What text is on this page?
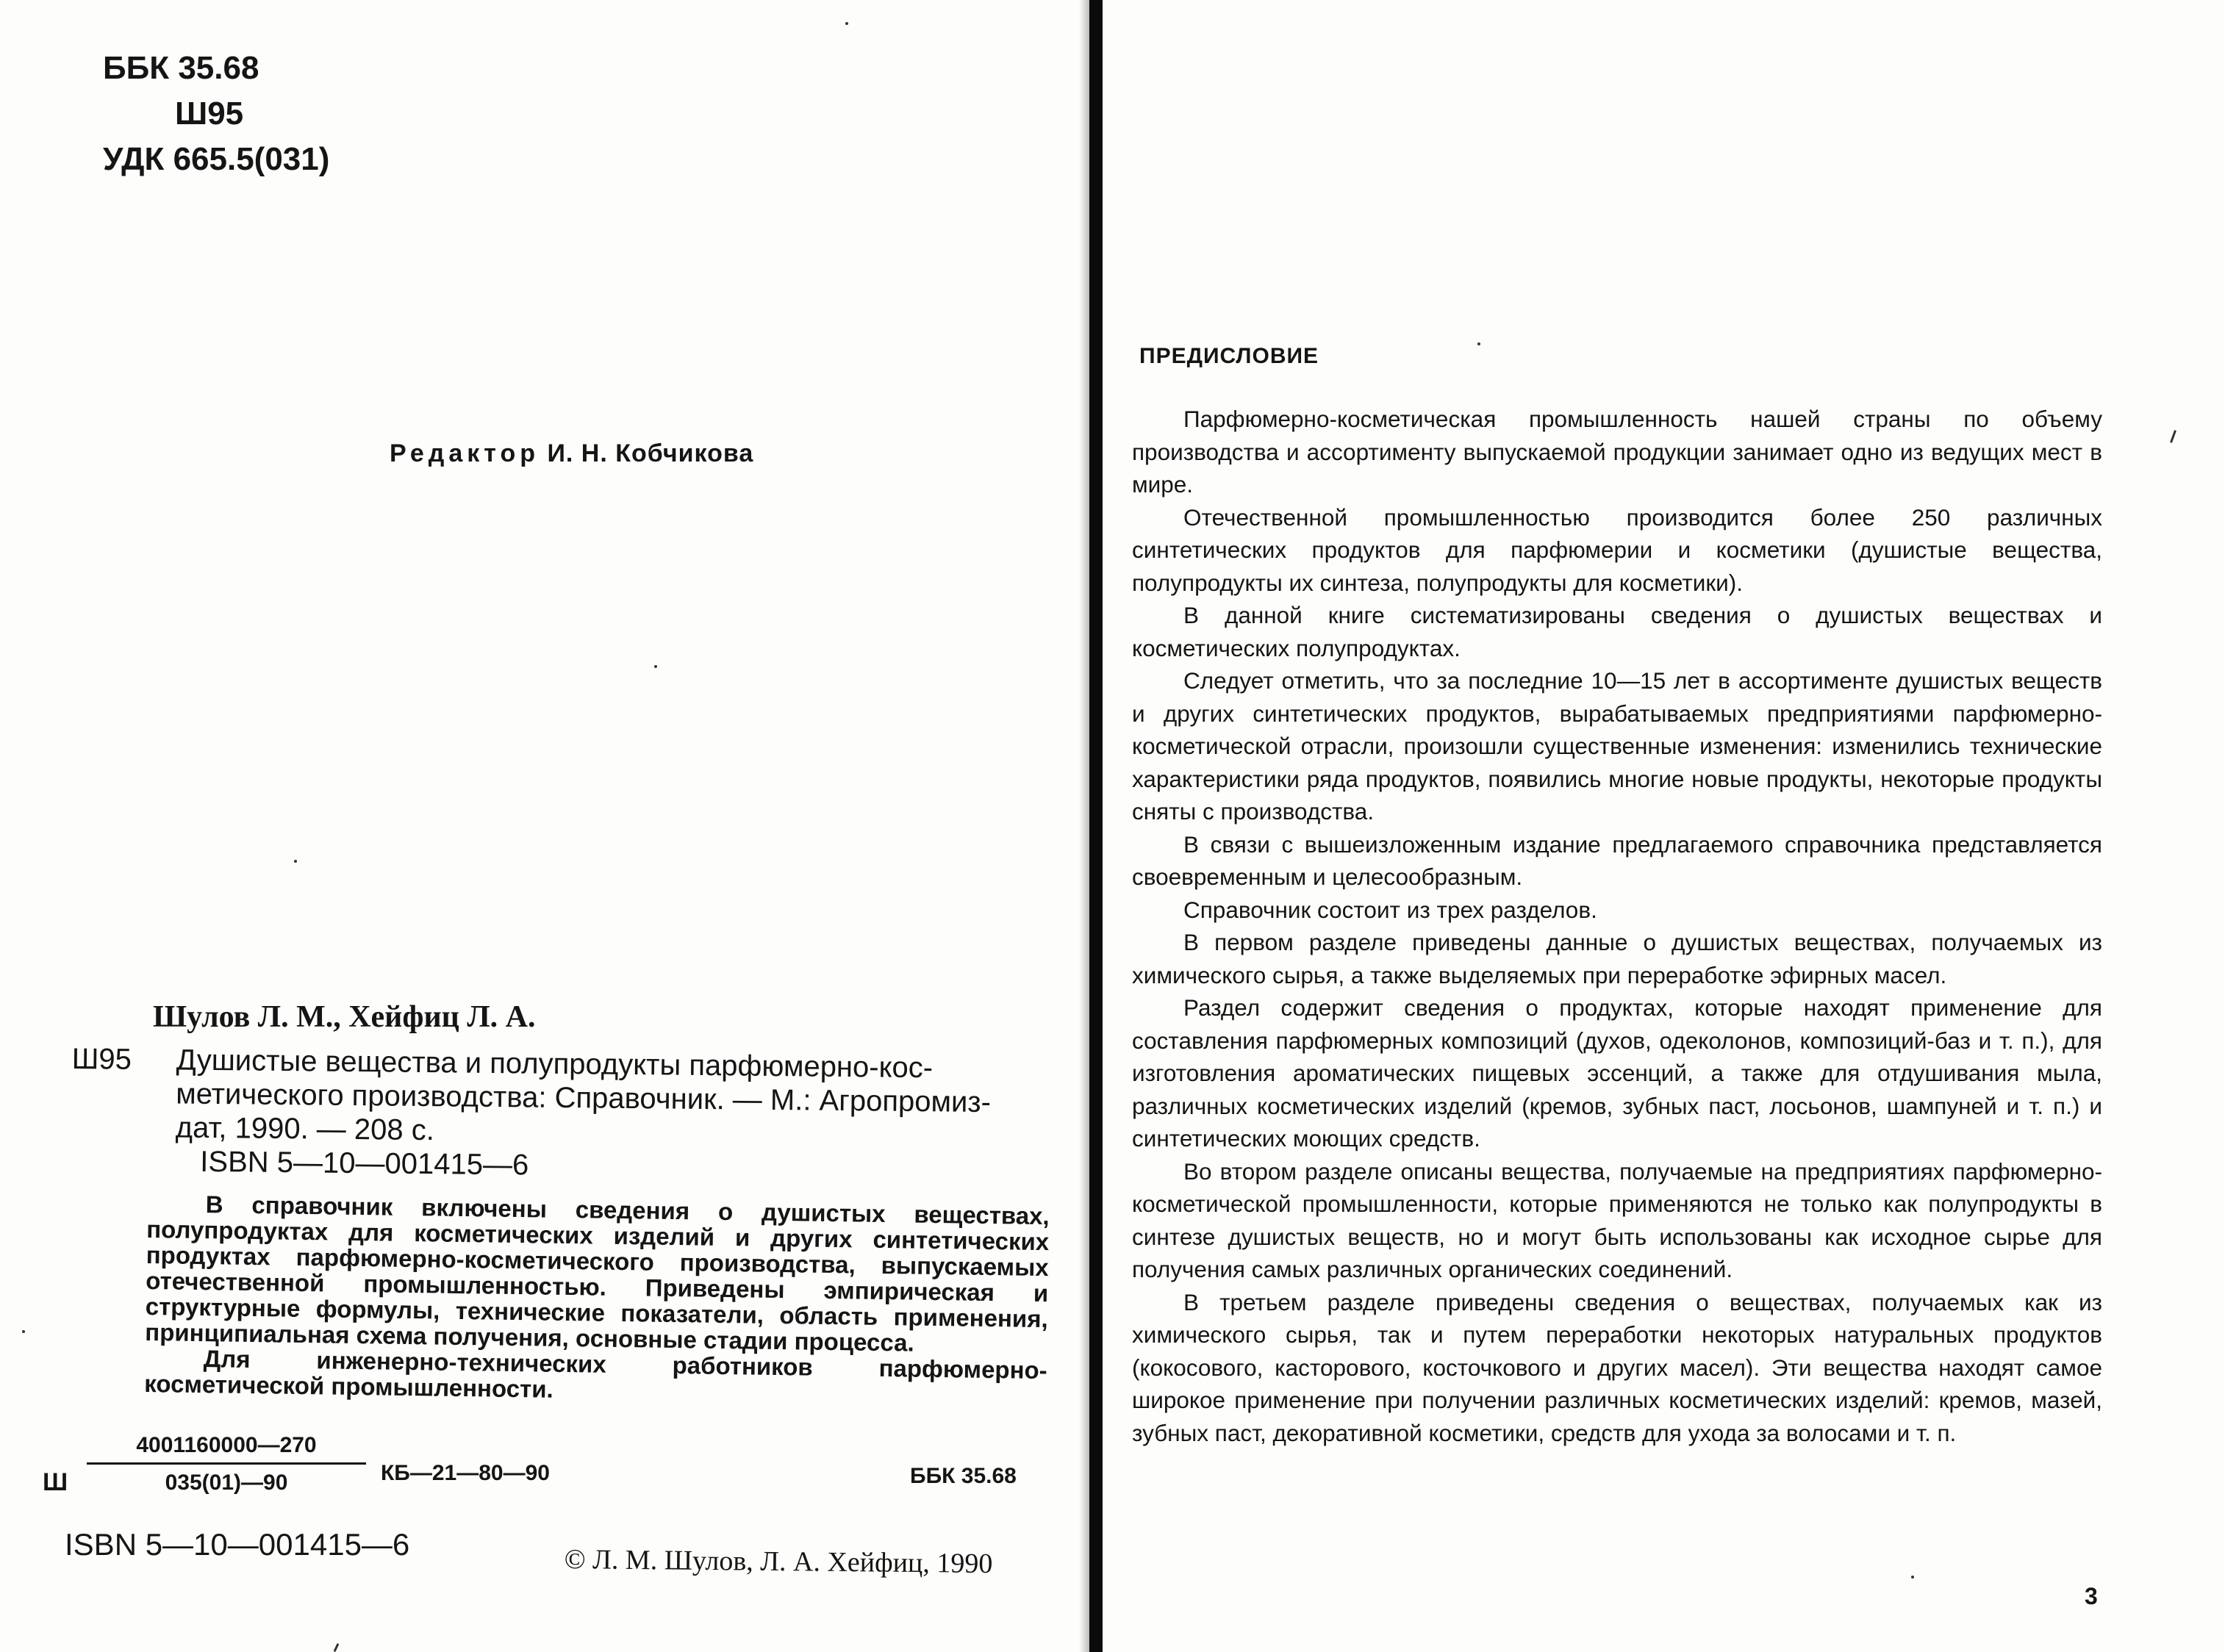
ББК 35.68
Ш95
УДК 665.5(031)
Редактор И. Н. Кобчикова
Шулов Л. М., Хейфиц Л. А.
Ш95 Душистые вещества и полупродукты парфюмерно-кос-
метического производства: Справочник. — М.: Агропромиз-
дат, 1990. — 208 с.
ISBN 5—10—001415—6

В справочник включены сведения о душистых веществах, полупродуктах для косметических изделий и других синтетических продуктах парфюмерно-косметического производства, выпускаемых отечественной промышленностью. Приведены эмпирическая и структурные формулы, технические показатели, область применения, принципиальная схема получения, основные стадии процесса.

Для инженерно-технических работников парфюмерно-косметической промышленности.

Ш $\frac{4001160000—270}{035(01)—90}$ КБ—21—80—90	ББК 35.68
ISBN 5—10—001415—6	© Л. М. Шулов, Л. А. Хейфиц, 1990
ПРЕДИСЛОВИЕ

Парфюмерно-косметическая промышленность нашей страны по объему производства и ассортименту выпускаемой продукции занимает одно из ведущих мест в мире.

Отечественной промышленностью производится более 250 различных синтетических продуктов для парфюмерии и косметики (душистые вещества, полупродукты их синтеза, полупродукты для косметики).

В данной книге систематизированы сведения о душистых веществах и косметических полупродуктах.

Следует отметить, что за последние 10—15 лет в ассортименте душистых веществ и других синтетических продуктов, вырабатываемых предприятиями парфюмерно-косметической отрасли, произошли существенные изменения: изменились технические характеристики ряда продуктов, появились многие новые продукты, некоторые продукты сняты с производства.

В связи с вышеизложенным издание предлагаемого справочника представляется своевременным и целесообразным.

Справочник состоит из трех разделов.

В первом разделе приведены данные о душистых веществах, получаемых из химического сырья, а также выделяемых при переработке эфирных масел.

Раздел содержит сведения о продуктах, которые находят применение для составления парфюмерных композиций (духов, одеколонов, композиций-баз и т. п.), для изготовления ароматических пищевых эссенций, а также для отдушивания мыла, различных косметических изделий (кремов, зубных паст, лосьонов, шампуней и т. п.) и синтетических моющих средств.

Во втором разделе описаны вещества, получаемые на предприятиях парфюмерно-косметической промышленности, которые применяются не только как полупродукты в синтезе душистых веществ, но и могут быть использованы как исходное сырье для получения самых различных органических соединений.

В третьем разделе приведены сведения о веществах, получаемых как из химического сырья, так и путем переработки некоторых натуральных продуктов (кокосового, касторового, косточкового и других масел). Эти вещества находят самое широкое применение при получении различных косметических изделий: кремов, мазей, зубных паст, декоративной косметики, средств для ухода за волосами и т. п.

3
